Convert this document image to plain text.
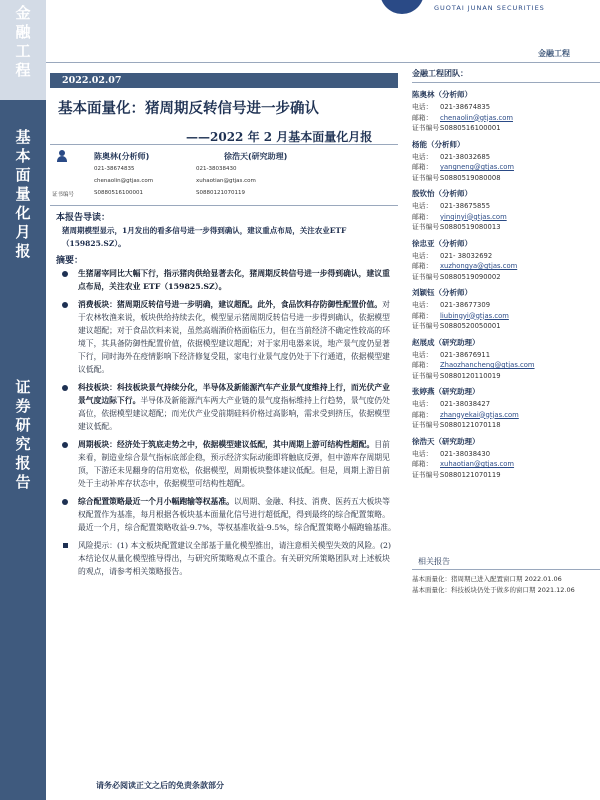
金
融
工
程
基
本
面
量
化
月
报
证
券
研
究
报
告
GUOTAI JUNAN SECURITIES
金融工程
2022.02.07
基本面量化：猪周期反转信号进一步确认
——2022 年 2 月基本面量化月报
陈奥林(分析师)
021-38674835
chenaolin@gtjas.com
证书编号	S0880516100001
徐浩天(研究助理)
021-38038430
xuhaotian@gtjas.com
S0880121070119
本报告导读：
猪周期模型显示，1月发出的看多信号进一步得到确认，建议重点布局，关注农业ETF（159825.SZ）。
摘要：
生猪屠宰同比大幅下行，指示猪肉供给显著去化，猪周期反转信号进一步得到确认，建议重点布局，关注农业 ETF（159825.SZ）。
消费板块：猪周期反转信号进一步明确，建议超配。此外，食品饮料存防御性配置价值。对于农林牧渔来说，板块供给持续去化，模型显示猪周期反转信号进一步得到确认，依据模型建议超配；对于食品饮料来说，虽然高端酒价格面临压力，但在当前经济不确定性较高的环境下，其具备防御性配置价值，依据模型建议超配；对于家用电器来说，地产景气度仍显著下行，同时海外在疫情影响下经济修复受阻，家电行业景气度仍处于下行通道，依据模型建议低配。
科技板块：科技板块景气持续分化，半导体及新能源汽车产业景气度维持上行，而光伏产业景气度边际下行。半导体及新能源汽车两大产业链的景气度指标维持上行趋势，景气度仍处高位，依据模型建议超配；而光伏产业受前期硅料价格过高影响，需求受到挤压，依据模型建议低配。
周期板块：经济处于筑底走势之中，依据模型建议低配，其中周期上游可结构性超配。目前来看，制造业综合景气指标底部企稳，预示经济实际动能即将触底反弹，但中游库存周期见顶，下游还未见翻身的信用宽松，依据模型，周期板块整体建议低配。但是，周期上游目前处于主动补库存状态中，依据模型可结构性超配。
综合配置策略最近一个月小幅跑输等权基准。以周期、金融、科技、消费、医药五大板块等权配置作为基准，每月根据各板块基本面量化信号进行超低配，得到最终的综合配置策略。最近一个月，综合配置策略收益-9.7%，等权基准收益-9.5%，综合配置策略小幅跑输基准。
风险提示：(1) 本文板块配置建议全部基于量化模型推出，请注意相关模型失效的风险。(2) 本结论仅从量化模型推导得出，与研究所策略观点不重合。有关研究所策略团队对上述板块的观点，请参考相关策略报告。
金融工程团队：
陈奥林（分析师）
电话： 021-38674835
邮箱： chenaolin@gtjas.com
证书编号：S0880516100001
杨能（分析师）
电话： 021-38032685
邮箱： yangneng@gtjas.com
证书编号：S0880519080008
殷钦怡（分析师）
电话： 021-38675855
邮箱： yinqinyi@gtjas.com
证书编号：S0880519080013
徐忠亚（分析师）
电话： 021- 38032692
邮箱： xuzhongya@gtjas.com
证书编号：S0880519090002
刘颖钰（分析师）
电话： 021-38677309
邮箱： liubingyi@gtjas.com
证书编号：S0880520050001
赵展成（研究助理）
电话： 021-38676911
邮箱： Zhaozhancheng@gtjas.com
证书编号：S0880120110019
张婷燕（研究助理）
电话： 021-38038427
邮箱： zhangyekai@gtjas.com
证书编号：S0880121070118
徐浩天（研究助理）
电话： 021-38038430
邮箱： xuhaotian@gtjas.com
证书编号：S0880121070119
相关报告
基本面量化：猪周期已进入配置窗口期 2022.01.06
基本面量化：科技板块仍处于做多的窗口期 2021.12.06
请务必阅读正文之后的免责条款部分
